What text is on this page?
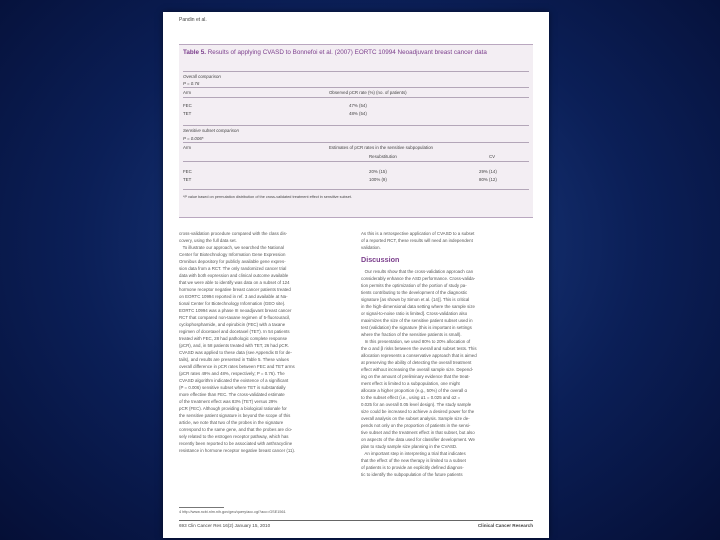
Pandin et al.
Table 5. Results of applying CVASD to Bonnefoi et al. (2007) EORTC 10994 Neoadjuvant breast cancer data
Overall comparison
P = 0.76
Arm	Observed pCR rate (%) (no. of patients)
FEC	47% (54)
TET	48% (54)
Sensitive subset comparison
P = 0.006*
Arm	Estimates of pCR rates in the sensitive subpopulation
Resubstitution	CV
FEC	20% (15)	29% (14)
TET	100% (9)	80% (12)
*P value based on permutation distribution of the cross-validated treatment effect in sensitive subset.
cross-validation procedure compared with the class dis-
covery, using the full data set.
To illustrate our approach, we searched the National
Center for Biotechnology Information Gene Expression
Omnibus depository for publicly available gene expres-
sion data from a RCT. The only randomized cancer trial
data with both expression and clinical outcome available
that we were able to identify was data on a subset of 124
hormone receptor negative breast cancer patients treated
on EORTC 10994 reported in ref. 3 and available at Na-
tional Center for Biotechnology Information (GEO site).
EORTC 10994 was a phase III neoadjuvant breast cancer
RCT that compared non-taxane regimen of 5-fluorouracil,
cyclophosphamide, and epirubicin (FEC) with a taxane
regimen of docetaxel and docetaxel (TET). In 54 patients
treated with FEC, 28 had pathologic complete response
(pCR), and, in 58 patients treated with TET, 26 had pCR.
CVASD was applied to these data (see Appendix B for de-
tails), and results are presented in Table 5. These values
overall difference in pCR rates between FEC and TET arms
(pCR rates 49% and 48%, respectively; P = 0.76). The
CVASD algorithm indicated the existence of a significant
(P = 0.006) sensitive subset where TET is substantially
more effective than FEC. The cross-validated estimate
of the treatment effect was 83% (TET) versus 29%
pCR (FEC). Although providing a biological rationale for
the sensitive patient signature is beyond the scope of this
article, we note that two of the probes in the signature
correspond to the same gene, and that the probes are clo-
sely related to the estrogen receptor pathway, which has
recently been reported to be associated with anthracycline
resistance in hormone receptor negative breast cancer (11).
As this is a retrospective application of CVASD to a subset
of a reported RCT, these results will need an independent
validation.
Discussion
Our results show that the cross-validation approach can
considerably enhance the ASD performance. Cross-valida-
tion permits the optimization of the portion of study pa-
tients contributing to the development of the diagnostic
signature [as shown by Simon et al. (14)]. This is critical
in the high-dimensional data setting where the sample size
or signal-to-noise ratio is limited]. Cross-validation also
maximizes the size of the sensitive patient subset used in
test (validation) the signature (this is important in settings
where the fraction of the sensitive patients is small).
In this presentation, we used 80% to 20% allocation of
the α and β risks between the overall and subset tests. This
allocation represents a conservative approach that is aimed
at preserving the ability of detecting the overall treatment
effect without increasing the overall sample size. Depend-
ing on the amount of preliminary evidence that the treat-
ment effect is limited to a subpopulation, one might
allocate a higher proportion (e.g., 50%) of the overall α
to the subset effect (i.e., using α1 = 0.025 and α2 =
0.025 for an overall 0.05 level design). The study sample
size could be increased to achieve a desired power for the
overall analysis on the subset analysis. Sample size de-
pends not only on the proportion of patients in the sensi-
tive subset and the treatment effect in that subset, but also
on aspects of the data used for classifier development. We
plan to study sample size planning in the CVASD.
An important step in interpreting a trial that indicates
that the effect of the new therapy is limited to a subset
of patients is to provide an explicitly defined diagnos-
tic to identify the subpopulation of the future patients
4 http://www.ncbi.nlm.nih.gov/geo/query/acc.cgi?acc=GSE1561
693 Clin Cancer Res 16(2) January 15, 2010	Clinical Cancer Research
